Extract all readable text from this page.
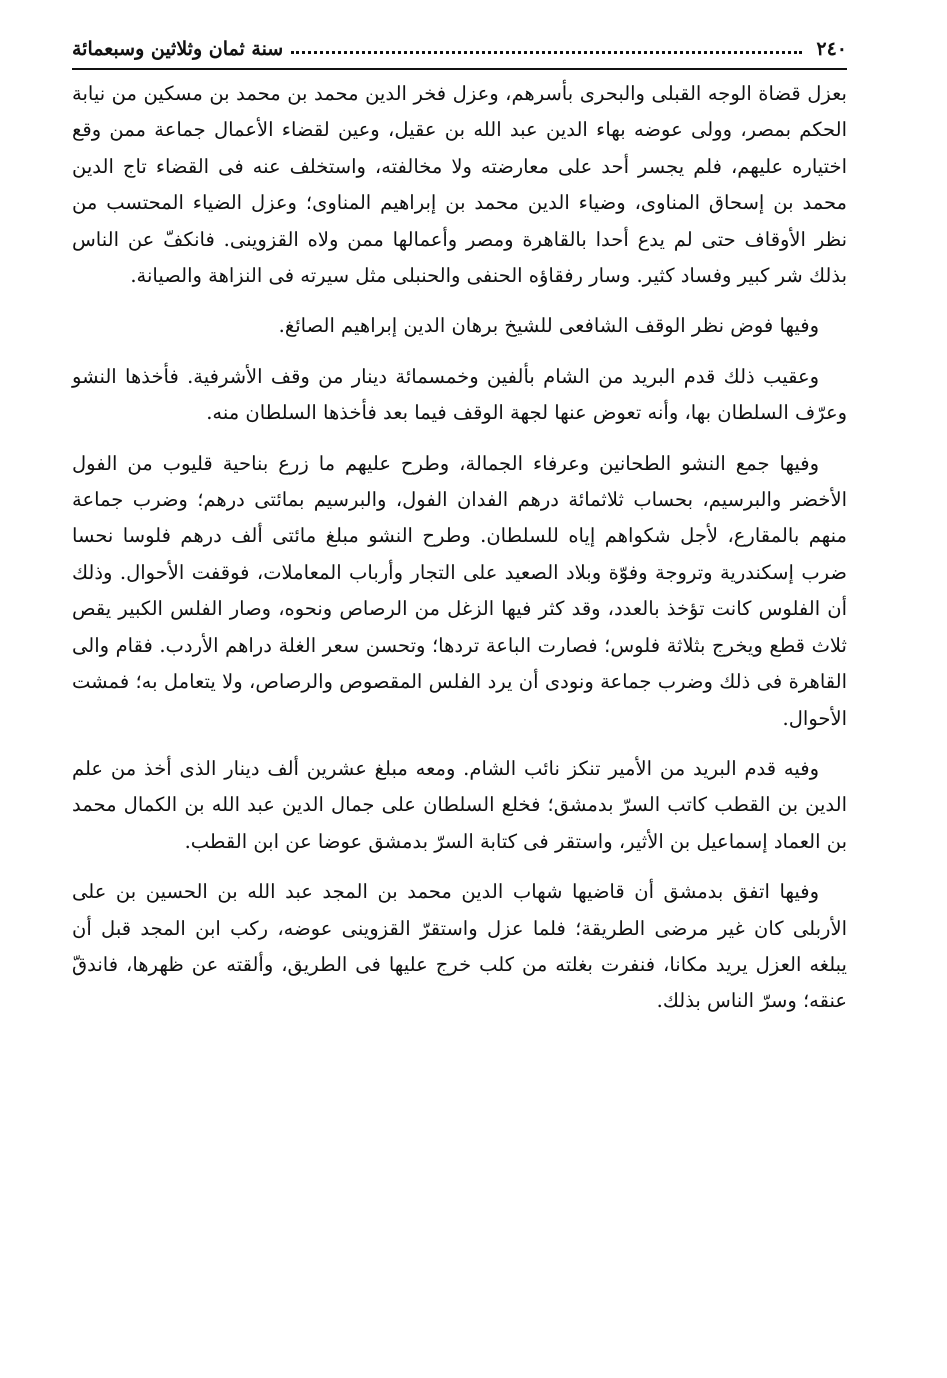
٢٤٠
سنة ثمان وثلاثين وسبعمائة

بعزل قضاة الوجه القبلى والبحرى بأسرهم، وعزل فخر الدين محمد بن محمد بن مسكين من نيابة الحكم بمصر، وولى عوضه بهاء الدين عبد الله بن عقيل، وعين لقضاء الأعمال جماعة ممن وقع اختياره عليهم، فلم يجسر أحد على معارضته ولا مخالفته، واستخلف عنه فى القضاء تاج الدين محمد بن إسحاق المناوى، وضياء الدين محمد بن إبراهيم المناوى؛ وعزل الضياء المحتسب من نظر الأوقاف حتى لم يدع أحدا بالقاهرة ومصر وأعمالها ممن ولاه القزوينى. فانكفّ عن الناس بذلك شر كبير وفساد كثير. وسار رفقاؤه الحنفى والحنبلى مثل سيرته فى النزاهة والصيانة.

وفيها فوض نظر الوقف الشافعى للشيخ برهان الدين إبراهيم الصائغ.

وعقيب ذلك قدم البريد من الشام بألفين وخمسمائة دينار من وقف الأشرفية. فأخذها النشو وعرّف السلطان بها، وأنه تعوض عنها لجهة الوقف فيما بعد فأخذها السلطان منه.

وفيها جمع النشو الطحانين وعرفاء الجمالة، وطرح عليهم ما زرع بناحية قليوب من الفول الأخضر والبرسيم، بحساب ثلاثمائة درهم الفدان الفول، والبرسيم بمائتى درهم؛ وضرب جماعة منهم بالمقارع، لأجل شكواهم إياه للسلطان. وطرح النشو مبلغ مائتى ألف درهم فلوسا نحسا ضرب إسكندرية وتروجة وفوّة وبلاد الصعيد على التجار وأرباب المعاملات، فوقفت الأحوال. وذلك أن الفلوس كانت تؤخذ بالعدد، وقد كثر فيها الزغل من الرصاص ونحوه، وصار الفلس الكبير يقص ثلاث قطع ويخرج بثلاثة فلوس؛ فصارت الباعة تردها؛ وتحسن سعر الغلة دراهم الأردب. فقام والى القاهرة فى ذلك وضرب جماعة ونودى أن يرد الفلس المقصوص والرصاص، ولا يتعامل به؛ فمشت الأحوال.

وفيه قدم البريد من الأمير تنكز نائب الشام. ومعه مبلغ عشرين ألف دينار الذى أخذ من علم الدين بن القطب كاتب السرّ بدمشق؛ فخلع السلطان على جمال الدين عبد الله بن الكمال محمد بن العماد إسماعيل بن الأثير، واستقر فى كتابة السرّ بدمشق عوضا عن ابن القطب.

وفيها اتفق بدمشق أن قاضيها شهاب الدين محمد بن المجد عبد الله بن الحسين بن على الأربلى كان غير مرضى الطريقة؛ فلما عزل واستقرّ القزوينى عوضه، ركب ابن المجد قبل أن يبلغه العزل يريد مكانا، فنفرت بغلته من كلب خرج عليها فى الطريق، وألقته عن ظهرها، فاندقّ عنقه؛ وسرّ الناس بذلك.
